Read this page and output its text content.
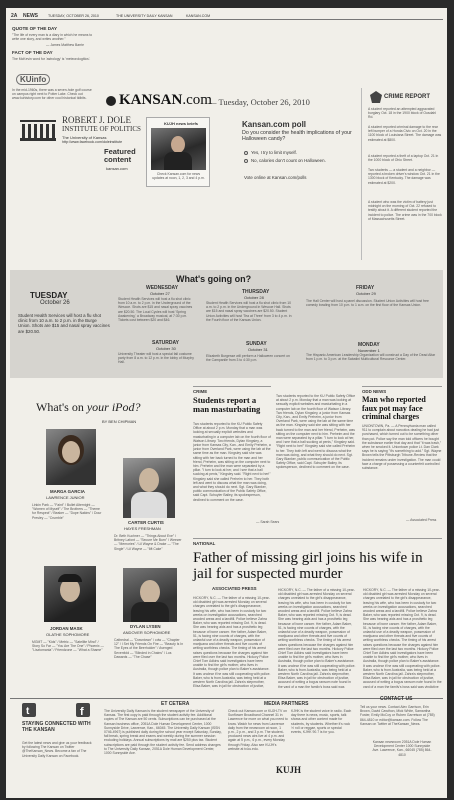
2A NEWS	TUESDAY, OCTOBER 26, 2010	THE UNIVERSITY DAILY KANSAN	KANSAN.COM
QUOTE OF THE DAY
"The life of every man is a diary in which he means to write one story, and writes another."
— James Matthew Barrie
FACT OF THE DAY
The McKevin word for 'astrology' is 'meteorologitics'.
KUinfo
In the mid-1960s, there was a seven-hole golf course on campus right next to Potter Lake. Check out www.kuhistory.com for other cool historical tidbits.
ROBERT J. DOLE
INSTITUTE OF POLITICS
The University of Kansas
http://www.facebook.com/doleinstitute
KANSAN.com
— Tuesday, October 26, 2010
Featured content
kansan.com
KUJH news briefs
Check Kansan.com for news updates at noon, 1, 2, 3 and 4 p.m.
Kansan.com poll
Do you consider the health implications of your Halloween candy?
Yes, I try to limit myself.
No, calories don't count on Halloween.
Vote online at Kansan.com/polls
CRIME REPORT
A student reported an attempted aggravated burglary Oct. 18 in the 1900 block of Ousdahl Rd.
A student reported criminal damage to the rear left bumper of a Honda Civic on Oct. 20 in the 1100 block of Louisiana Street. The damage was estimated at $800.
A student reported a theft of a laptop Oct. 21 in the 1000 block of Ohio Street.
Two students — a student and a neighbor — reported a broken driver's window Oct. 21 in the 1300 block of Kentucky. The damage was estimated at $200.
A student who was the victim of battery just midnight on the morning of Oct. 22 refused to testify about it. A different student reported the incident to police. The crime was in the 700 block of Massachusetts Street.
What's going on?
TUESDAY
October 26
Student Health Services will host a flu shot clinic from 10 a.m. to 2 p.m. in the Burge Union. Shots are $15 and nasal spray vaccines are $20.50.
WEDNESDAY
October 27
Student Health Services will host a flu shot clinic from 10 a.m. to 2 p.m. in the Underground of the Wescoe. Shots are $15 and nasal spray vaccines are $20.50. The Loud Cycles will host 'Spring Awakening,' a Broadway musical, at 7:30 p.m. Tickets cost between $20 and $46.
THURSDAY
October 28
Student Health Services will host a flu shot clinic from 10 a.m. to 2 p.m. in the Underground in Wescoe Hall. Shots are $15 and nasal spray vaccines are $20.50. Student Union Activities will host 'Tea at Three' from 3 to 4 p.m. in the Fourth floor of the Kansas Union.
FRIDAY
October 29
The Hall Center will host a panel discussion. Student Union Activities will host free comedy bowling from 10 p.m. to 1 a.m. on the first floor of the Kansas Union.
SATURDAY
October 30
University Theater will host a special fall costume party from 8 a.m. to 12 p.m. in the lobby of Murphy Hall.
SUNDAY
October 31
Elizabeth Burgesse will perform a Halloween concert on the Campanile from 3 to 4:30 p.m.
MONDAY
November 1
The Hispanic American Leadership Organization will construct a Day of the Dead Altar from 1 p.m. to 3 p.m. at the Sabatini Multicultural Resource Center.
What's on your iPod?
BY BEN CHIPMAN
MARGA GARCIA
LAWRENCE JUNIOR
Linkin Park — "Faint" / Bullet Alternight — "Women of Myself" / The Brothers — "Theme for Respect" / Beaker — "Dope Nakins" / Dour Presley — "Crumble"
CARTER CURTIS
HAYES FRESHMAN
Dr. Beth Kuchner — "Things About Eve" / Britney Lafont — "Secure Me Burn" / Weezer — "Memories" / Lil Wayne & Drake — "The Single" / Lil Wayne — "6ft Cake"
JORDAN MASK
OLATHE SOPHOMORE
MGMT — "Kids" / Metric — "Satellite Mind" / Story So Far — "You Are The One" / Phoenix — "Lisztomania" / Friendzone — "What a Shame"
DYLAN LYSEN
ANDOVER SOPHOMORE
Cathedral — "Downtown" / cdw — "Chapter 12" / I Set My Friends On Fire — "Beauty Is In The Eyes of the Beerholder" / Avenged Sevenfold — "Blinded in Chains" / Los Dawards — "The Chase"
CRIME
Students report a man masturbating
Two students reported to the KU Public Safety Office at about 2 p.m. Monday that a man was looking at sexually explicit websites and masturbating in a computer lab on the fourth floor of Watson Library. Two friends, Dylan Kingsley, a junior from Kansas City, Kan., and Emily Preheim, a junior from Overland Park, were using the lab at the same time as the man. Kingsley said she was sitting with her back turned to the man and her friend, Preheim, was sitting on the computer next to him. Preheim and the man were separated by a pillar. "I turn to look at her, and I see that a ball sucking at penis," Kingsley said. "Right next to her!" Kingsley said she called Preheim to her. They both left and went to discuss what the man was doing, and what they should do next. Sgt. Gary Blanker, public communication of the Public Safety Office, said Capt. Schuyler Bailey, its spokesperson, declined to comment on the case.
— Sarah Sears
ODD NEWS
Man who reported faux pot may face criminal charges
UNIONTOWN, Pa. — A Pennsylvania man called 911 to complain about narcotics dealing he had just purchased, which turned out to be something other than pot. Police say the man told officers he bought the substance earlier that day and that "it was trash," when he smoked it. Uniontown police Lt. Dan Clark says he is saying "it's something to add." Sgt. Wayne Brown tells the Pittsburgh Tribune-Review that the incident remains under investigation. The man could face a charge of possessing a counterfeit controlled substance.
— Associated Press
Two students reported to the KU Public Safety Office at about 2 p.m. Monday that a man was looking at sexually explicit websites and masturbating in a computer lab on the fourth floor of Watson Library. Two friends, Dylan Kingsley, a junior from Kansas City, Kan., and Emily Preheim, a junior from Overland Park, were using the lab at the same time as the man. Kingsley said she was sitting with her back turned to the man and her friend, Preheim, was sitting on the computer next to him. Preheim and the man were separated by a pillar. "I turn to look at her, and I see that a ball sucking at penis," Kingsley said. "Right next to her!" Kingsley said she called Preheim to her. They both left and went to discuss what the man was doing, and what they should do next. Sgt. Gary Blanker, public communication of the Public Safety Office, said Capt. Schuyler Bailey, its spokesperson, declined to comment on the case.
NATIONAL
Father of missing girl joins his wife in jail for suspected murder
ASSOCIATED PRESS
HICKORY, N.C. — The father of a missing 10-year-old disabled girl was arrested Monday on several charges unrelated to the girl's disappearance, leaving his wife, who has been in custody for two weeks on investigation accusations, searched wooded areas and a landfill. Police believe Zahra Baker, who was reported missing Oct. 9, is dead. She was hearing aids and has a prosthetic leg because of bone cancer. Her father, Adam Baker, 51, is facing nine counts of charges, with the unlawful use of a deadly weapon, possession of marijuana and other threats and five counts of writing worthless checks. The timing of his arrest raises questions because the charges against him were filed over the last two months. Hickory Police Chief Tom Adkins said investigators have been unable to find the girl's mother, who lives in Australia, though police plan to Baker's assistance. It was unclear if he was still cooperating with police. Baker, who is from Australia, was being held at a western North Carolina jail. Zahra's stepmother, Elisa Baker, was in jail for obstruction of justice,
HICKORY, N.C. — The father of a missing 10-year-old disabled girl was arrested Monday on several charges unrelated to the girl's disappearance, leaving his wife, who has been in custody for two weeks on investigation accusations, searched wooded areas and a landfill. Police believe Zahra Baker, who was reported missing Oct. 9, is dead. She was hearing aids and has a prosthetic leg because of bone cancer. Her father, Adam Baker, 51, is facing nine counts of charges, with the unlawful use of a deadly weapon, possession of marijuana and other threats and five counts of writing worthless checks. The timing of his arrest raises questions because the charges against him were filed over the last two months. Hickory Police Chief Tom Adkins said investigators have been unable to find the girl's mother, who lives in Australia, though police plan to Baker's assistance. It was unclear if he was still cooperating with police. Baker, who is from Australia, was being held at a western North Carolina jail. Zahra's stepmother, Elisa Baker, was in jail for obstruction of justice, accused of writing a bogus ransom note found in the yard of a man the family's boss said was
HICKORY, N.C. — The father of a missing 10-year-old disabled girl was arrested Monday on several charges unrelated to the girl's disappearance, leaving his wife, who has been in custody for two weeks on investigation accusations, searched wooded areas and a landfill. Police believe Zahra Baker, who was reported missing Oct. 9, is dead. She was hearing aids and has a prosthetic leg because of bone cancer. Her father, Adam Baker, 51, is facing nine counts of charges, with the unlawful use of a deadly weapon, possession of marijuana and other threats and five counts of writing worthless checks. The timing of his arrest raises questions because the charges against him were filed over the last two months. Hickory Police Chief Tom Adkins said investigators have been unable to find the girl's mother, who lives in Australia, though police plan to Baker's assistance. It was unclear if he was still cooperating with police. Baker, who is from Australia, was being held at a western North Carolina jail. Zahra's stepmother, Elisa Baker, was in jail for obstruction of justice, accused of writing a bogus ransom note found in the yard of a man the family's boss said was vindictive
t	f
STAYING CONNECTED WITH THE KANSAN
Get the latest news and give us your feedback by following The Kansan on Twitter @TheKansan_News. Become a fan of The University Daily Kansan on Facebook.
ET CETERA
The University Daily Kansan is the student newspaper of the University of Kansas. The first copy is paid through the student activity fee. Additional copies of The Kansan are 50 cents. Subscriptions can be purchased at the Kansan business office, 2051A Dole Human Development Center, 1000 Sunnyside Drive, Lawrence, Kan., 66045. The University Daily Kansan (ISSN 0746-4967) is published daily during the school year except Saturday, Sunday, fall break, spring break and exams and weekly during the summer session excluding holidays. Annual subscriptions by mail are $250 plus tax. Student subscriptions are paid through the student activity fee. Send address changes to The University Daily Kansan, 2051A Dole Human Development Center, 1000 Sunnyside Ave.
MEDIA PARTNERS
Check out Kansan.com or KUJH-TV on Sunflower Broadband Channel 31 in Lawrence for more on what you need to know. Watch for news from Lawrence daily from the newsroom at noon, 1 p.m., 2 p.m., and 3 p.m. The student-produced news airs live at 4 p.m. and again at 5 p.m., 6 p.m., every Monday through Friday. Also see KUJH's website at tv.ku.edu.
KJHK is the student voice in radio. Each day there is news, music, sports, talk shows and other content made for students, by students. Whether it's rock 'n' roll or reggae, sports or special events, KJHK 90.7 is for you.
KUJH
CONTACT US
Tell us your news. Contact Alex Garrison, Erin Brown, David Cawthon, Mick White, Samantha Foster, Emily McCoy or Ruben Garretson at (785) 864-4810 or editor@kansan.com. Follow The Kansan on Twitter at TheKansan_News.
Kansan newsroom 2051A Dole Human Development Center 1000 Sunnyside Ave. Lawrence, Kan., 66045 (785) 864-4810
